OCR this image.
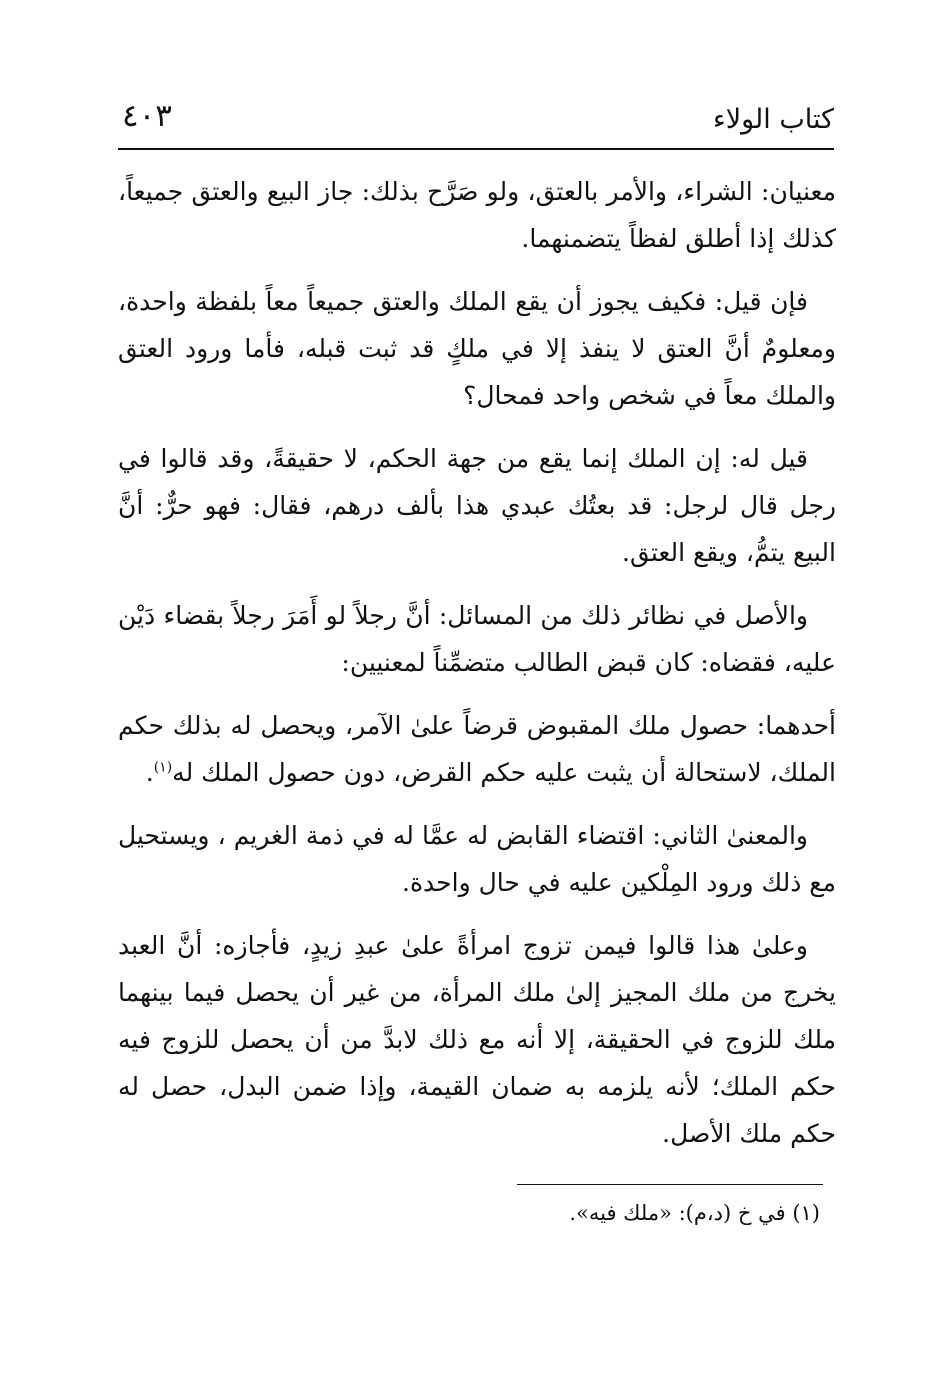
كتاب الولاء
٤٠٣

معنيان: الشراء، والأمر بالعتق، ولو صَرَّح بذلك: جاز البيع والعتق جميعاً، كذلك إذا أطلق لفظاً يتضمنهما.

فإن قيل: فكيف يجوز أن يقع الملك والعتق جميعاً معاً بلفظة واحدة، ومعلومٌ أنَّ العتق لا ينفذ إلا في ملكٍ قد ثبت قبله، فأما ورود العتق والملك معاً في شخص واحد فمحال؟

قيل له: إن الملك إنما يقع من جهة الحكم، لا حقيقةً، وقد قالوا في رجل قال لرجل: قد بعتُك عبدي هذا بألف درهم، فقال: فهو حرٌّ: أنَّ البيع يتمُّ، ويقع العتق.

والأصل في نظائر ذلك من المسائل: أنَّ رجلاً لو أَمَرَ رجلاً بقضاء دَيْن عليه، فقضاه: كان قبض الطالب متضمِّناً لمعنيين:

أحدهما: حصول ملك المقبوض قرضاً علىٰ الآمر، ويحصل له بذلك حكم الملك، لاستحالة أن يثبت عليه حكم القرض، دون حصول الملك له$^{(١)}$.

والمعنىٰ الثاني: اقتضاء القابض له عمَّا له في ذمة الغريم ، ويستحيل مع ذلك ورود المِلْكين عليه في حال واحدة.

وعلىٰ هذا قالوا فيمن تزوج امرأةً علىٰ عبدِ زيدٍ، فأجازه: أنَّ العبد يخرج من ملك المجيز إلىٰ ملك المرأة، من غير أن يحصل فيما بينهما ملك للزوج في الحقيقة، إلا أنه مع ذلك لابدَّ من أن يحصل للزوج فيه حكم الملك؛ لأنه يلزمه به ضمان القيمة، وإذا ضمن البدل، حصل له حكم ملك الأصل.

(١) في خ (د،م): «ملك فيه».
